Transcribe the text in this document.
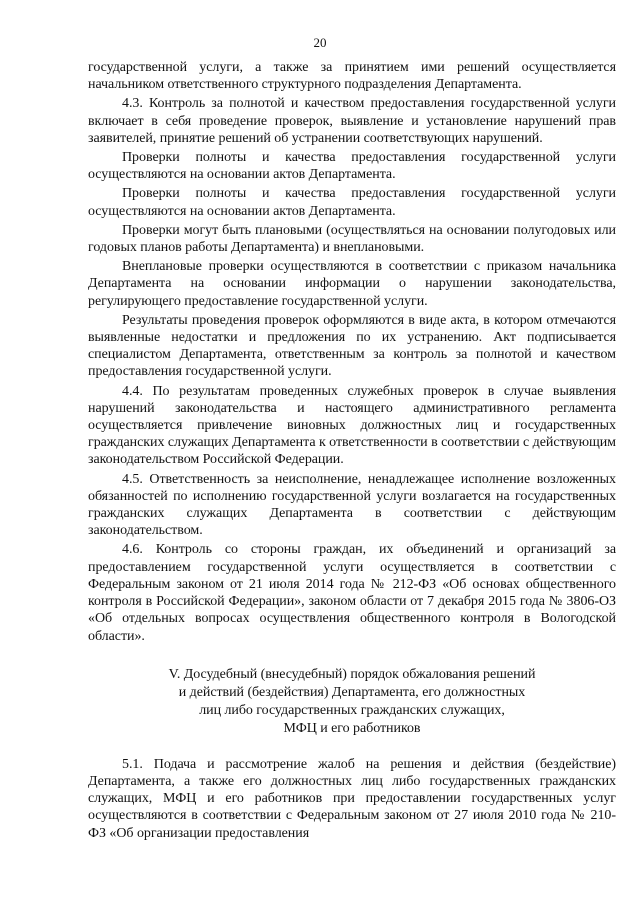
20

государственной услуги, а также за принятием ими решений осуществляется начальником ответственного структурного подразделения Департамента.

4.3. Контроль за полнотой и качеством предоставления государственной услуги включает в себя проведение проверок, выявление и установление нарушений прав заявителей, принятие решений об устранении соответствующих нарушений.

Проверки полноты и качества предоставления государственной услуги осуществляются на основании актов Департамента.

Проверки полноты и качества предоставления государственной услуги осуществляются на основании актов Департамента.

Проверки могут быть плановыми (осуществляться на основании полугодовых или годовых планов работы Департамента) и внеплановыми.

Внеплановые проверки осуществляются в соответствии с приказом начальника Департамента на основании информации о нарушении законодательства, регулирующего предоставление государственной услуги.

Результаты проведения проверок оформляются в виде акта, в котором отмечаются выявленные недостатки и предложения по их устранению. Акт подписывается специалистом Департамента, ответственным за контроль за полнотой и качеством предоставления государственной услуги.

4.4. По результатам проведенных служебных проверок в случае выявления нарушений законодательства и настоящего административного регламента осуществляется привлечение виновных должностных лиц и государственных гражданских служащих Департамента к ответственности в соответствии с действующим законодательством Российской Федерации.

4.5. Ответственность за неисполнение, ненадлежащее исполнение возложенных обязанностей по исполнению государственной услуги возлагается на государственных гражданских служащих Департамента в соответствии с действующим законодательством.

4.6. Контроль со стороны граждан, их объединений и организаций за предоставлением государственной услуги осуществляется в соответствии с Федеральным законом от 21 июля 2014 года № 212-ФЗ «Об основах общественного контроля в Российской Федерации», законом области от 7 декабря 2015 года № 3806-ОЗ «Об отдельных вопросах осуществления общественного контроля в Вологодской области».

V. Досудебный (внесудебный) порядок обжалования решений
и действий (бездействия) Департамента, его должностных
лиц либо государственных гражданских служащих,
МФЦ и его работников

5.1. Подача и рассмотрение жалоб на решения и действия (бездействие) Департамента, а также его должностных лиц либо государственных гражданских служащих, МФЦ и его работников при предоставлении государственных услуг осуществляются в соответствии с Федеральным законом от 27 июля 2010 года № 210-ФЗ «Об организации предоставления
